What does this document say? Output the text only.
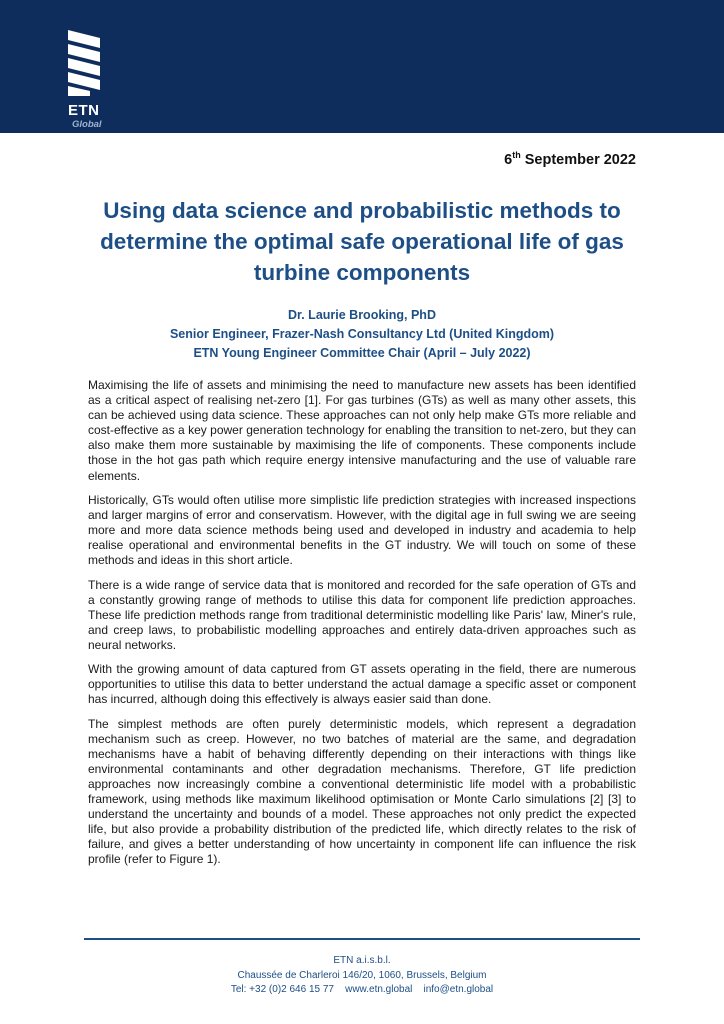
ETN
Global
6th September 2022
Using data science and probabilistic methods to determine the optimal safe operational life of gas turbine components
Dr. Laurie Brooking, PhD
Senior Engineer, Frazer-Nash Consultancy Ltd (United Kingdom)
ETN Young Engineer Committee Chair (April – July 2022)

Maximising the life of assets and minimising the need to manufacture new assets has been identified as a critical aspect of realising net-zero [1]. For gas turbines (GTs) as well as many other assets, this can be achieved using data science. These approaches can not only help make GTs more reliable and cost-effective as a key power generation technology for enabling the transition to net-zero, but they can also make them more sustainable by maximising the life of components. These components include those in the hot gas path which require energy intensive manufacturing and the use of valuable rare elements.

Historically, GTs would often utilise more simplistic life prediction strategies with increased inspections and larger margins of error and conservatism. However, with the digital age in full swing we are seeing more and more data science methods being used and developed in industry and academia to help realise operational and environmental benefits in the GT industry. We will touch on some of these methods and ideas in this short article.

There is a wide range of service data that is monitored and recorded for the safe operation of GTs and a constantly growing range of methods to utilise this data for component life prediction approaches. These life prediction methods range from traditional deterministic modelling like Paris' law, Miner's rule, and creep laws, to probabilistic modelling approaches and entirely data-driven approaches such as neural networks.

With the growing amount of data captured from GT assets operating in the field, there are numerous opportunities to utilise this data to better understand the actual damage a specific asset or component has incurred, although doing this effectively is always easier said than done.

The simplest methods are often purely deterministic models, which represent a degradation mechanism such as creep. However, no two batches of material are the same, and degradation mechanisms have a habit of behaving differently depending on their interactions with things like environmental contaminants and other degradation mechanisms. Therefore, GT life prediction approaches now increasingly combine a conventional deterministic life model with a probabilistic framework, using methods like maximum likelihood optimisation or Monte Carlo simulations [2] [3] to understand the uncertainty and bounds of a model. These approaches not only predict the expected life, but also provide a probability distribution of the predicted life, which directly relates to the risk of failure, and gives a better understanding of how uncertainty in component life can influence the risk profile (refer to Figure 1).

ETN a.i.s.b.l.
Chaussée de Charleroi 146/20, 1060, Brussels, Belgium
Tel: +32 (0)2 646 15 77 www.etn.global info@etn.global
